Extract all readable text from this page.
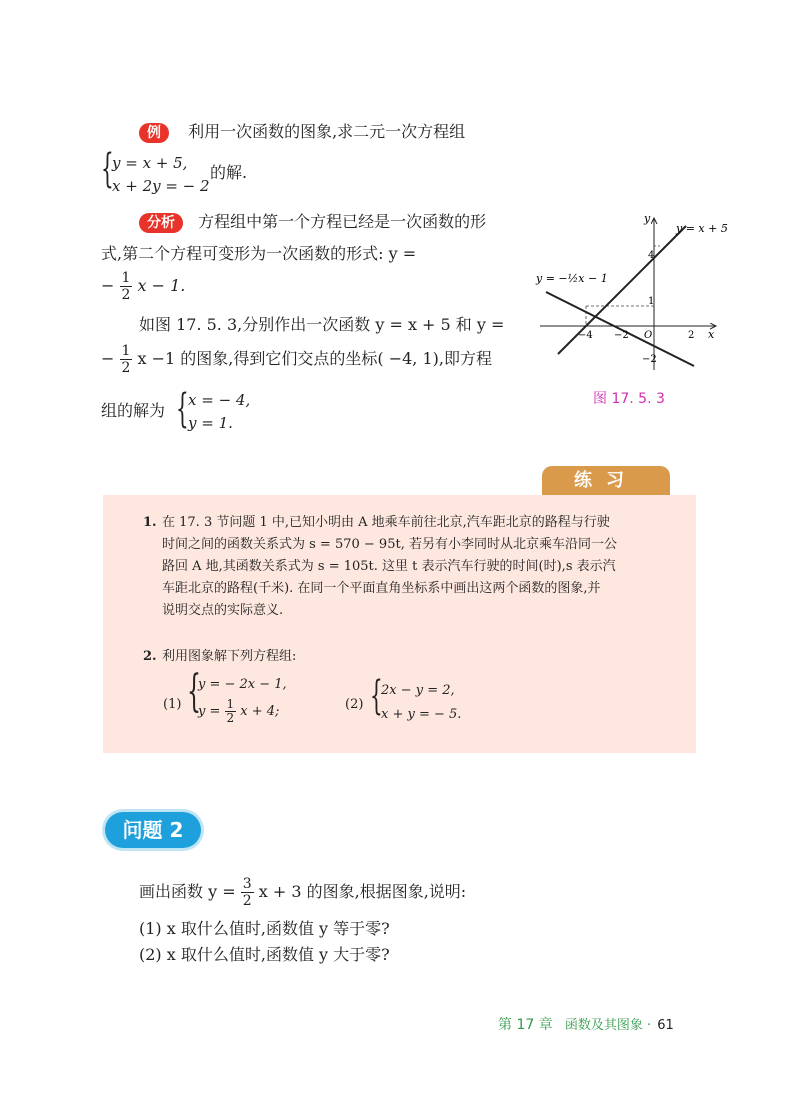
例 利用一次函数的图象,求二元一次方程组
{
y = x + 5,
x + 2y = − 2
的解.
分析 方程组中第一个方程已经是一次函数的形
式,第二个方程可变形为一次函数的形式: y =
− $\frac{1}{2}$ x − 1.
如图 17. 5. 3,分别作出一次函数 y = x + 5 和 y =
− $\frac{1}{2}$ x −1 的图象,得到它们交点的坐标( −4, 1),即方程
组的解为 { x = − 4,
y = 1.
y
x
y = x + 5
y = −½x − 1
4
1
−2
−4 −2 O	2
图 17. 5. 3
练习
1. 在 17. 3 节问题 1 中,已知小明由 A 地乘车前往北京,汽车距北京的路程与行驶
时间之间的函数关系式为 s = 570 − 95t, 若另有小李同时从北京乘车沿同一公
路回 A 地,其函数关系式为 s = 105t. 这里 t 表示汽车行驶的时间(时),s 表示汽
车距北京的路程(千米). 在同一个平面直角坐标系中画出这两个函数的图象,并
说明交点的实际意义.
2. 利用图象解下列方程组:
(1) {
y = − 2x − 1,
$y = \frac{1}{2}$ x + 4;	(2) {
2x − y = 2,
x + y = − 5.
问题 2
画出函数 $y = \frac{3}{2}$ x + 3 的图象,根据图象,说明:
(1) x 取什么值时,函数值 y 等于零?
(2) x 取什么值时,函数值 y 大于零?
第 17 章 函数及其图象 · 61
